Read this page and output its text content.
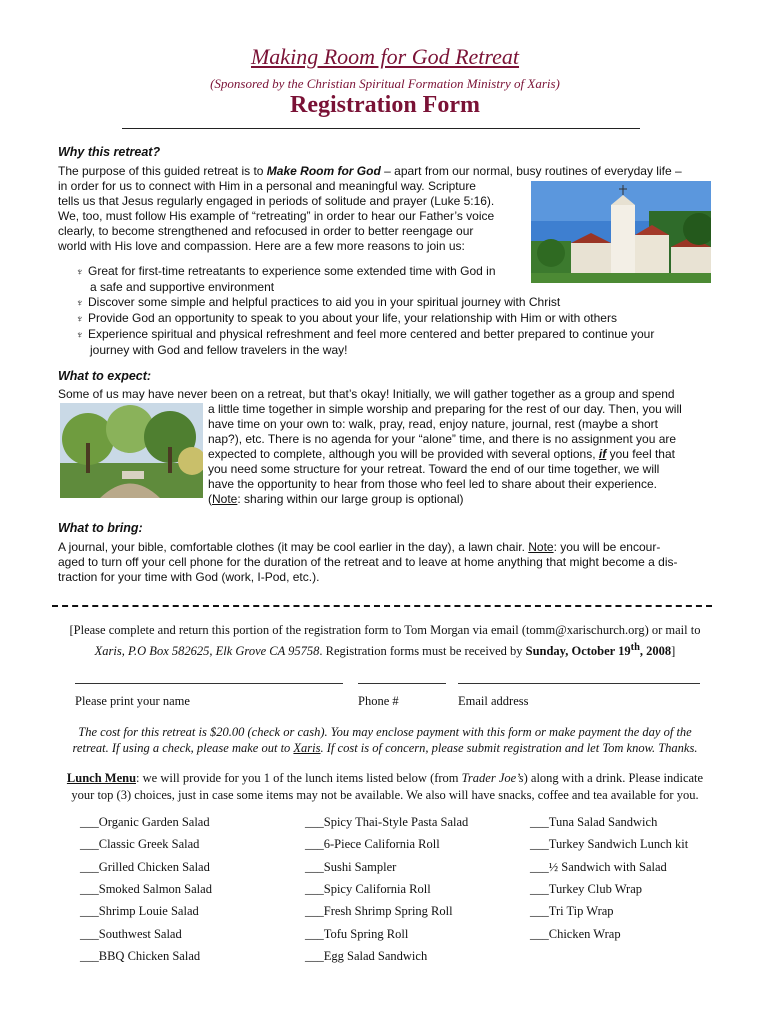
Making Room for God Retreat
(Sponsored by the Christian Spiritual Formation Ministry of Xaris)
Registration Form
Why this retreat?
The purpose of this guided retreat is to Make Room for God – apart from our normal, busy routines of everyday life –
in order for us to connect with Him in a personal and meaningful way. Scripture
tells us that Jesus regularly engaged in periods of solitude and prayer (Luke 5:16).
We, too, must follow His example of “retreating” in order to hear our Father’s voice
clearly, to become strengthened and refocused in order to better reengage our
world with His love and compassion. Here are a few more reasons to join us:
♆ Great for first-time retreatants to experience some extended time with God in
a safe and supportive environment
♆ Discover some simple and helpful practices to aid you in your spiritual journey with Christ
♆ Provide God an opportunity to speak to you about your life, your relationship with Him or with others
♆ Experience spiritual and physical refreshment and feel more centered and better prepared to continue your
journey with God and fellow travelers in the way!
What to expect:
Some of us may have never been on a retreat, but that’s okay! Initially, we will gather together as a group and spend
a little time together in simple worship and preparing for the rest of our day. Then, you will
have time on your own to: walk, pray, read, enjoy nature, journal, rest (maybe a short
nap?), etc. There is no agenda for your “alone” time, and there is no assignment you are
expected to complete, although you will be provided with several options, if you feel that
you need some structure for your retreat. Toward the end of our time together, we will
have the opportunity to hear from those who feel led to share about their experience.
(Note: sharing within our large group is optional)
What to bring:
A journal, your bible, comfortable clothes (it may be cool earlier in the day), a lawn chair. Note: you will be encour-
aged to turn off your cell phone for the duration of the retreat and to leave at home anything that might become a dis-
traction for your time with God (work, I-Pod, etc.).
[Please complete and return this portion of the registration form to Tom Morgan via email (tomm@xarischurch.org) or mail to
Xaris, P.O Box 582625, Elk Grove CA 95758. Registration forms must be received by Sunday, October 19th, 2008]
Please print your name	Phone #	Email address
The cost for this retreat is $20.00 (check or cash). You may enclose payment with this form or make payment the day of the
retreat. If using a check, please make out to Xaris. If cost is of concern, please submit registration and let Tom know. Thanks.
Lunch Menu: we will provide for you 1 of the lunch items listed below (from Trader Joe’s) along with a drink. Please indicate
your top (3) choices, just in case some items may not be available. We also will have snacks, coffee and tea available for you.
___Organic Garden Salad
___Classic Greek Salad
___Grilled Chicken Salad
___Smoked Salmon Salad
___Shrimp Louie Salad
___Southwest Salad
___BBQ Chicken Salad
___Spicy Thai-Style Pasta Salad
___6-Piece California Roll
___Sushi Sampler
___Spicy California Roll
___Fresh Shrimp Spring Roll
___Tofu Spring Roll
___Egg Salad Sandwich
___Tuna Salad Sandwich
___Turkey Sandwich Lunch kit
___½ Sandwich with Salad
___Turkey Club Wrap
___Tri Tip Wrap
___Chicken Wrap
